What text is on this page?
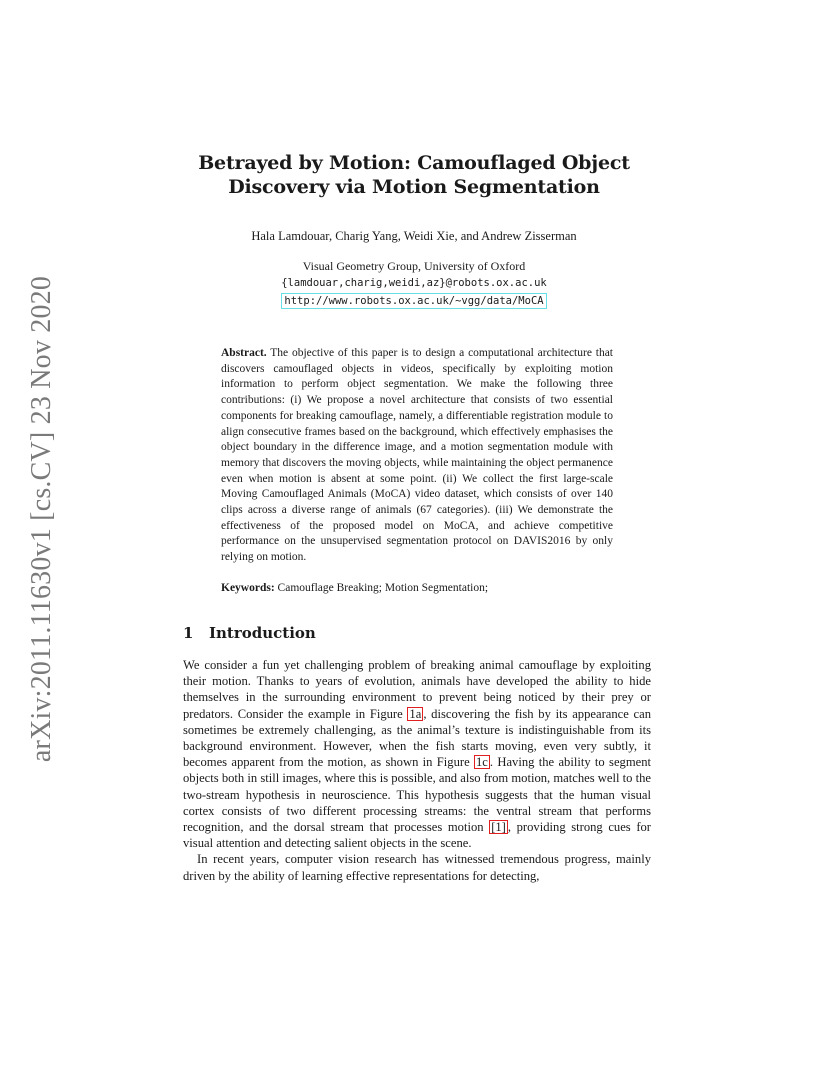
arXiv:2011.11630v1 [cs.CV] 23 Nov 2020
Betrayed by Motion: Camouflaged Object
Discovery via Motion Segmentation
Hala Lamdouar, Charig Yang, Weidi Xie, and Andrew Zisserman
Visual Geometry Group, University of Oxford
{lamdouar,charig,weidi,az}@robots.ox.ac.uk
http://www.robots.ox.ac.uk/~vgg/data/MoCA
Abstract. The objective of this paper is to design a computational architecture that discovers camouflaged objects in videos, specifically by exploiting motion information to perform object segmentation. We make the following three contributions: (i) We propose a novel architecture that consists of two essential components for breaking camouflage, namely, a differentiable registration module to align consecutive frames based on the background, which effectively emphasises the object boundary in the difference image, and a motion segmentation module with memory that discovers the moving objects, while maintaining the object permanence even when motion is absent at some point. (ii) We collect the first large-scale Moving Camouflaged Animals (MoCA) video dataset, which consists of over 140 clips across a diverse range of animals (67 categories). (iii) We demonstrate the effectiveness of the proposed model on MoCA, and achieve competitive performance on the unsupervised segmentation protocol on DAVIS2016 by only relying on motion.
Keywords: Camouflage Breaking; Motion Segmentation;
1 Introduction

We consider a fun yet challenging problem of breaking animal camouflage by exploiting their motion. Thanks to years of evolution, animals have developed the ability to hide themselves in the surrounding environment to prevent being noticed by their prey or predators. Consider the example in Figure 1a , discovering the fish by its appearance can sometimes be extremely challenging, as the animal’s texture is indistinguishable from its background environment. However, when the fish starts moving, even very subtly, it becomes apparent from the motion, as shown in Figure 1c . Having the ability to segment objects both in still images, where this is possible, and also from motion, matches well to the two-stream hypothesis in neuroscience. This hypothesis suggests that the human visual cortex consists of two different processing streams: the ventral stream that performs recognition, and the dorsal stream that processes motion [1] , providing strong cues for visual attention and detecting salient objects in the scene.

In recent years, computer vision research has witnessed tremendous progress, mainly driven by the ability of learning effective representations for detecting,
